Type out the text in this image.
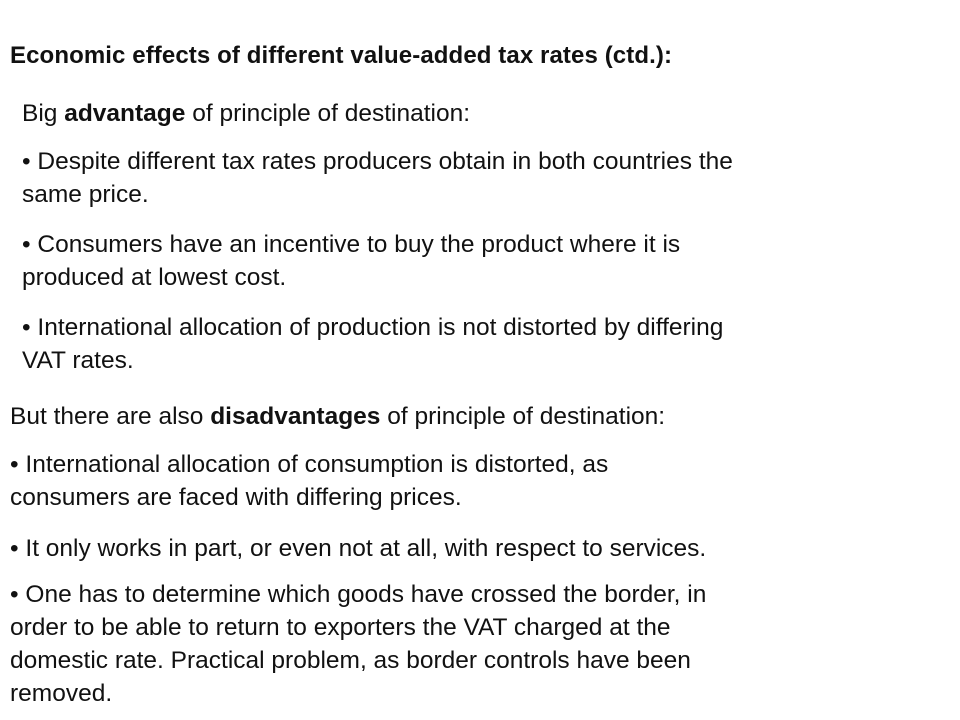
Economic effects of different value-added tax rates (ctd.):
Big advantage of principle of destination:
• Despite different tax rates producers obtain in both countries the
same price.
• Consumers have an incentive to buy the product where it is
produced at lowest cost.
• International allocation of production is not distorted by differing
VAT rates.
But there are also disadvantages of principle of destination:
• International allocation of consumption is distorted, as
consumers are faced with differing prices.
• It only works in part, or even not at all, with respect to services.
• One has to determine which goods have crossed the border, in
order to be able to return to exporters the VAT charged at the
domestic rate. Practical problem, as border controls have been
removed.
